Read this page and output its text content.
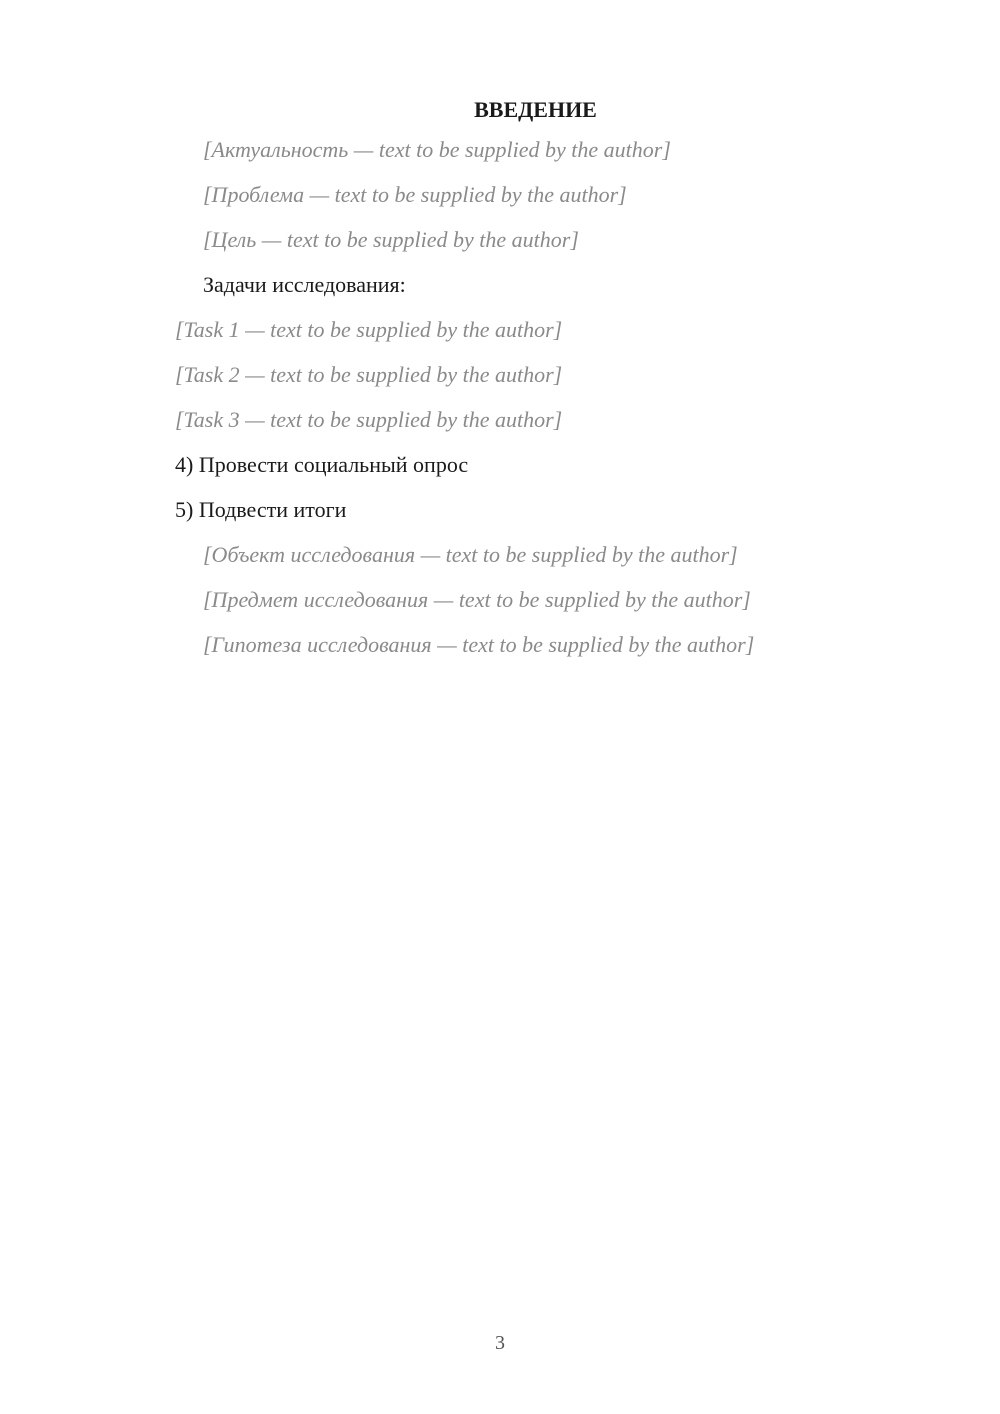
ВВЕДЕНИЕ

[Актуальность — text to be supplied by the author]

[Проблема — text to be supplied by the author]

[Цель — text to be supplied by the author]

Задачи исследования:

[Task 1 — text to be supplied by the author]

[Task 2 — text to be supplied by the author]

[Task 3 — text to be supplied by the author]

4) Провести социальный опрос

5) Подвести итоги

[Объект исследования — text to be supplied by the author]

[Предмет исследования — text to be supplied by the author]

[Гипотеза исследования — text to be supplied by the author]

3
